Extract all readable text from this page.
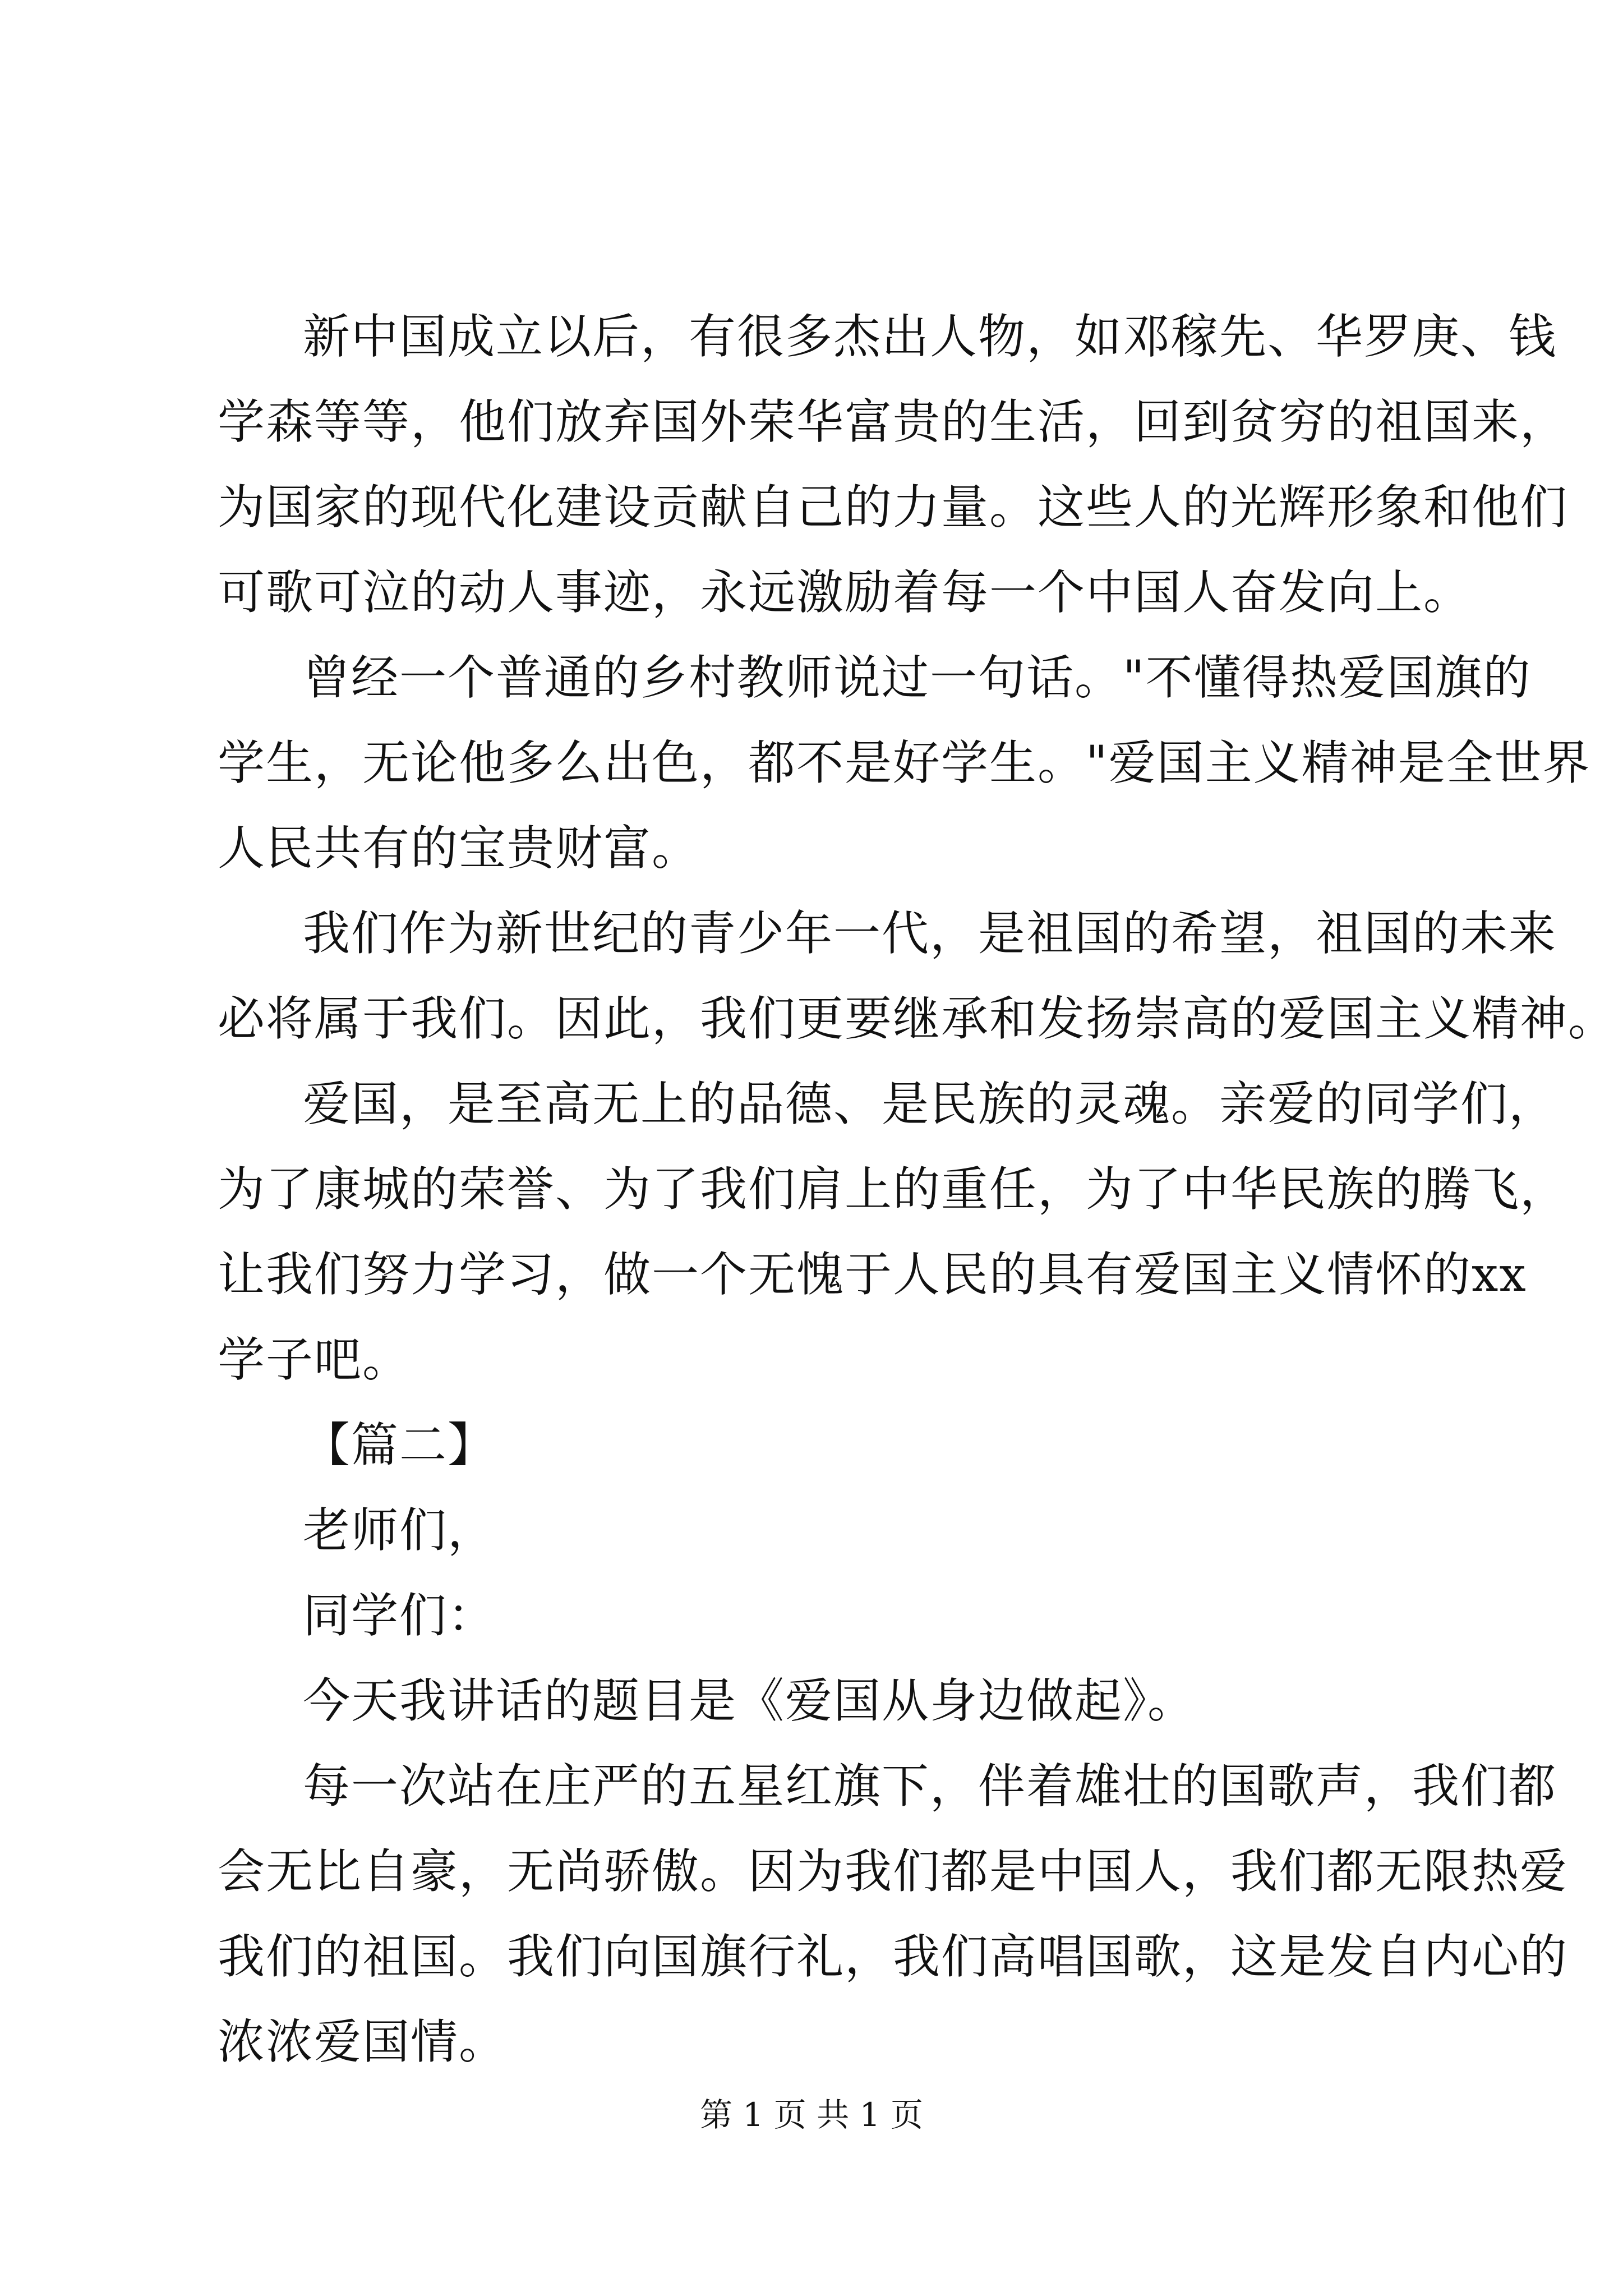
新中国成立以后，有很多杰出人物，如邓稼先、华罗庚、钱

学森等等，他们放弃国外荣华富贵的生活，回到贫穷的祖国来，

为国家的现代化建设贡献自己的力量。这些人的光辉形象和他们

可歌可泣的动人事迹，永远激励着每一个中国人奋发向上。

曾经一个普通的乡村教师说过一句话。"不懂得热爱国旗的

学生，无论他多么出色，都不是好学生。"爱国主义精神是全世界

人民共有的宝贵财富。

我们作为新世纪的青少年一代，是祖国的希望，祖国的未来

必将属于我们。因此，我们更要继承和发扬崇高的爱国主义精神。

爱国，是至高无上的品德、是民族的灵魂。亲爱的同学们，

为了康城的荣誉、为了我们肩上的重任，为了中华民族的腾飞，

让我们努力学习，做一个无愧于人民的具有爱国主义情怀的xx

学子吧。

【篇二】

老师们，

同学们：

今天我讲话的题目是《爱国从身边做起》。

每一次站在庄严的五星红旗下，伴着雄壮的国歌声，我们都

会无比自豪，无尚骄傲。因为我们都是中国人，我们都无限热爱

我们的祖国。我们向国旗行礼，我们高唱国歌，这是发自内心的

浓浓爱国情。

第 1 页 共 1 页
